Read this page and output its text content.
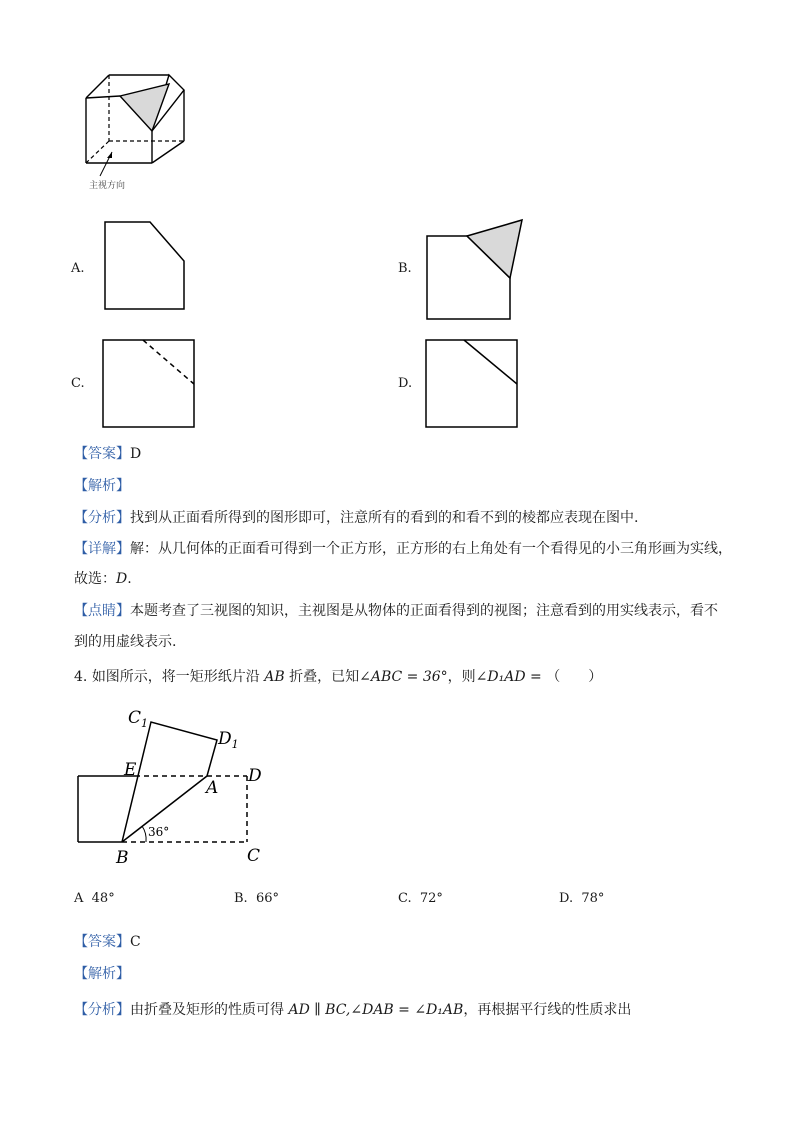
主视方向
A.	B.
C.	D.
【答案】D
【解析】
【分析】找到从正面看所得到的图形即可，注意所有的看到的和看不到的棱都应表现在图中.
【详解】解：从几何体的正面看可得到一个正方形，正方形的右上角处有一个看得见的小三角形画为实线，
故选：D.
【点睛】本题考查了三视图的知识，主视图是从物体的正面看得到的视图；注意看到的用实线表示，看不
到的用虚线表示.
4. 如图所示，将一矩形纸片沿 AB 折叠，已知∠ABC = 36°，则∠D₁AD = （　　）
$C_1$
$D_1$
E	D
A
B	C
36°
A 48°	B. 66°	C. 72°	D. 78°
【答案】C
【解析】
【分析】由折叠及矩形的性质可得 AD ∥ BC,∠DAB = ∠D₁AB，再根据平行线的性质求出
